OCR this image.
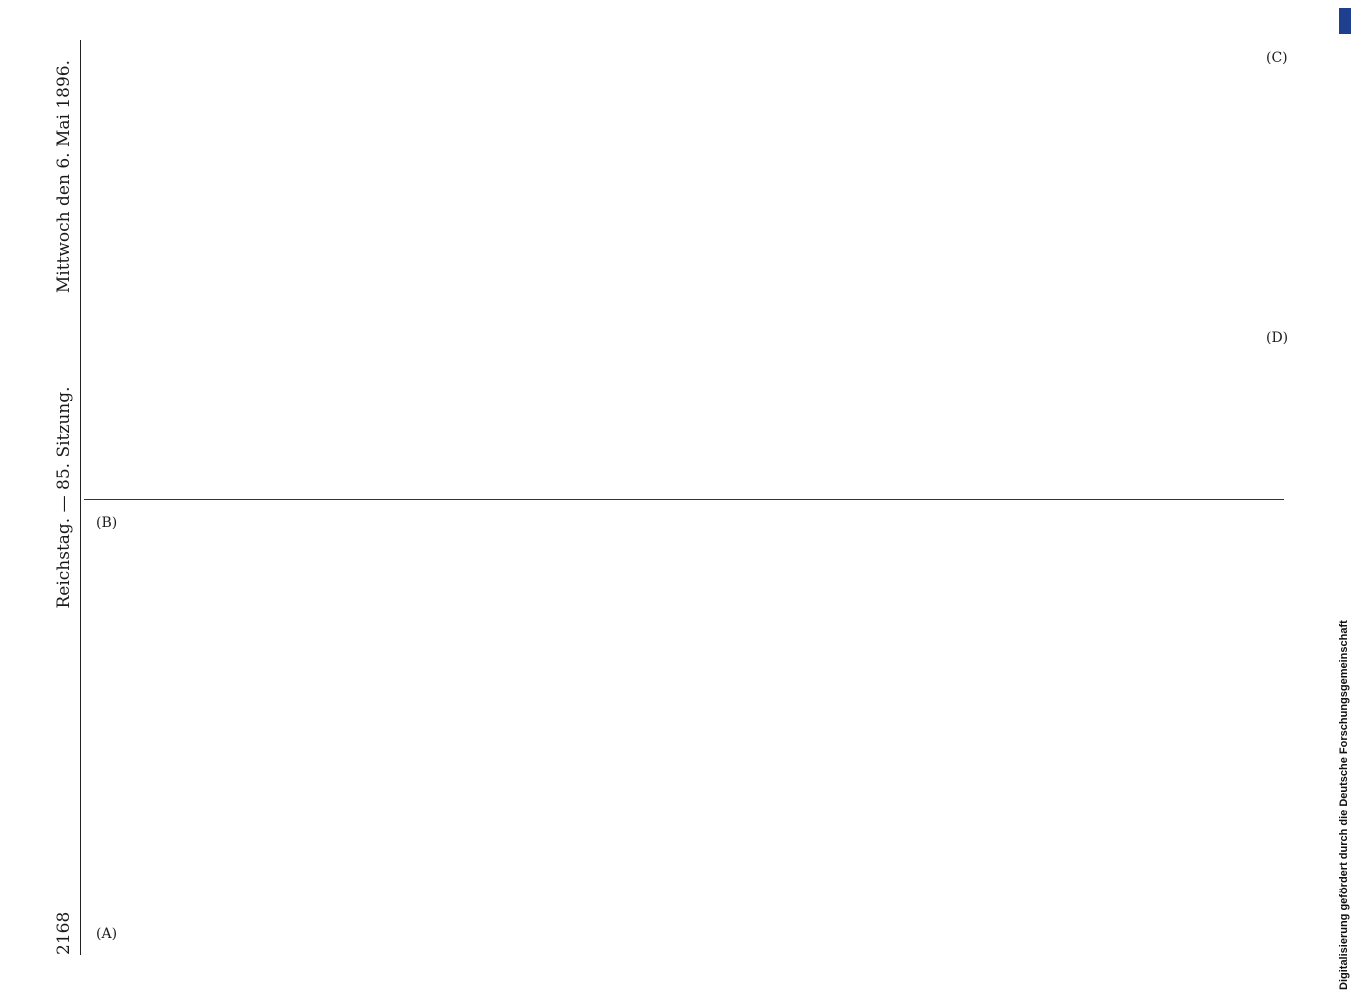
2168
Reichstag. — 85. Sitzung.
Mittwoch den 6. Mai 1896.
(A)
(B)
(C)
(D)
Digitalisierung gefördert durch die Deutsche Forschungsgemeinschaft
